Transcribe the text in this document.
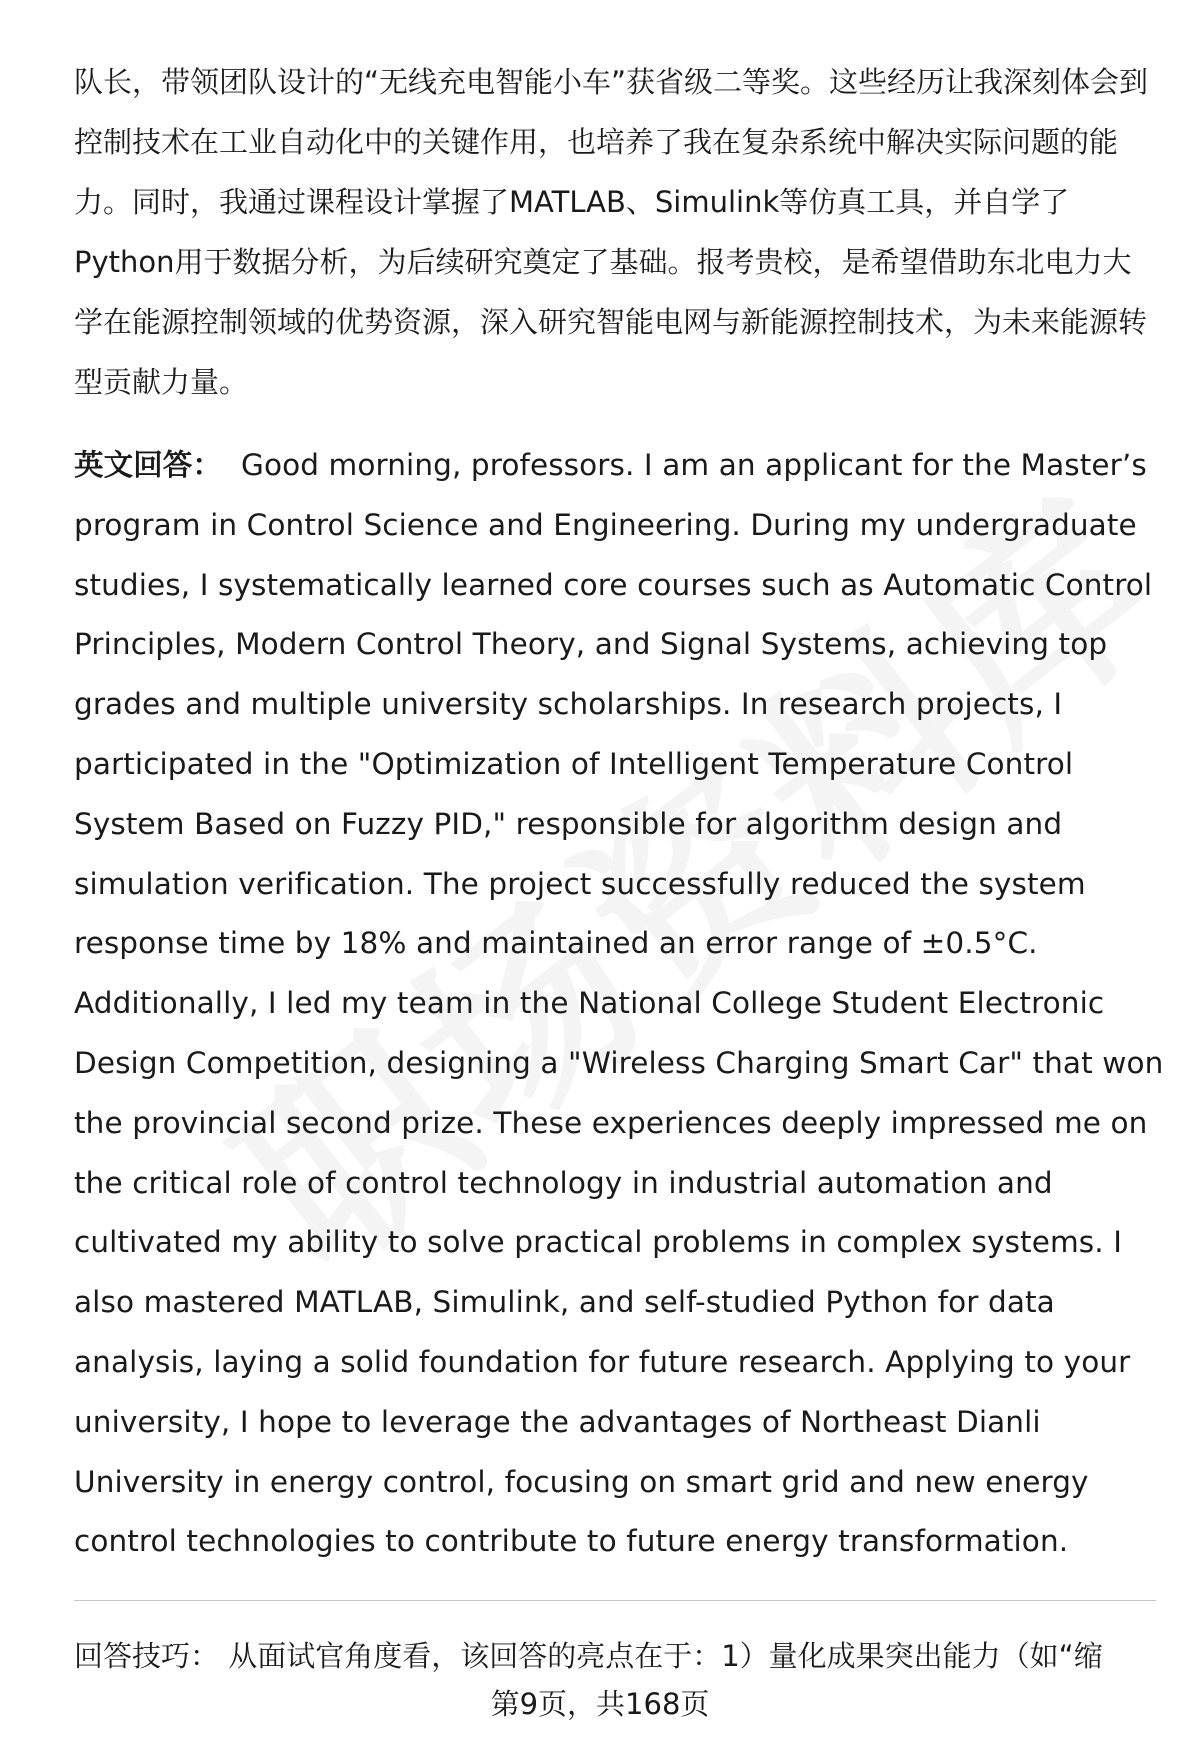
队长，带领团队设计的“无线充电智能小车”获省级二等奖。这些经历让我深刻体会到控制技术在工业自动化中的关键作用，也培养了我在复杂系统中解决实际问题的能力。同时，我通过课程设计掌握了MATLAB、Simulink等仿真工具，并自学了Python用于数据分析，为后续研究奠定了基础。报考贵校，是希望借助东北电力大学在能源控制领域的优势资源，深入研究智能电网与新能源控制技术，为未来能源转型贡献力量。

英文回答： Good morning, professors. I am an applicant for the Master’s program in Control Science and Engineering. During my undergraduate studies, I systematically learned core courses such as Automatic Control Principles, Modern Control Theory, and Signal Systems, achieving top grades and multiple university scholarships. In research projects, I participated in the "Optimization of Intelligent Temperature Control System Based on Fuzzy PID," responsible for algorithm design and simulation verification. The project successfully reduced the system response time by 18% and maintained an error range of ±0.5°C. Additionally, I led my team in the National College Student Electronic Design Competition, designing a "Wireless Charging Smart Car" that won the provincial second prize. These experiences deeply impressed me on the critical role of control technology in industrial automation and cultivated my ability to solve practical problems in complex systems. I also mastered MATLAB, Simulink, and self-studied Python for data analysis, laying a solid foundation for future research. Applying to your university, I hope to leverage the advantages of Northeast Dianli University in energy control, focusing on smart grid and new energy control technologies to contribute to future energy transformation.

回答技巧： 从面试官角度看，该回答的亮点在于：1）量化成果突出能力（如“缩

第9页，共168页
